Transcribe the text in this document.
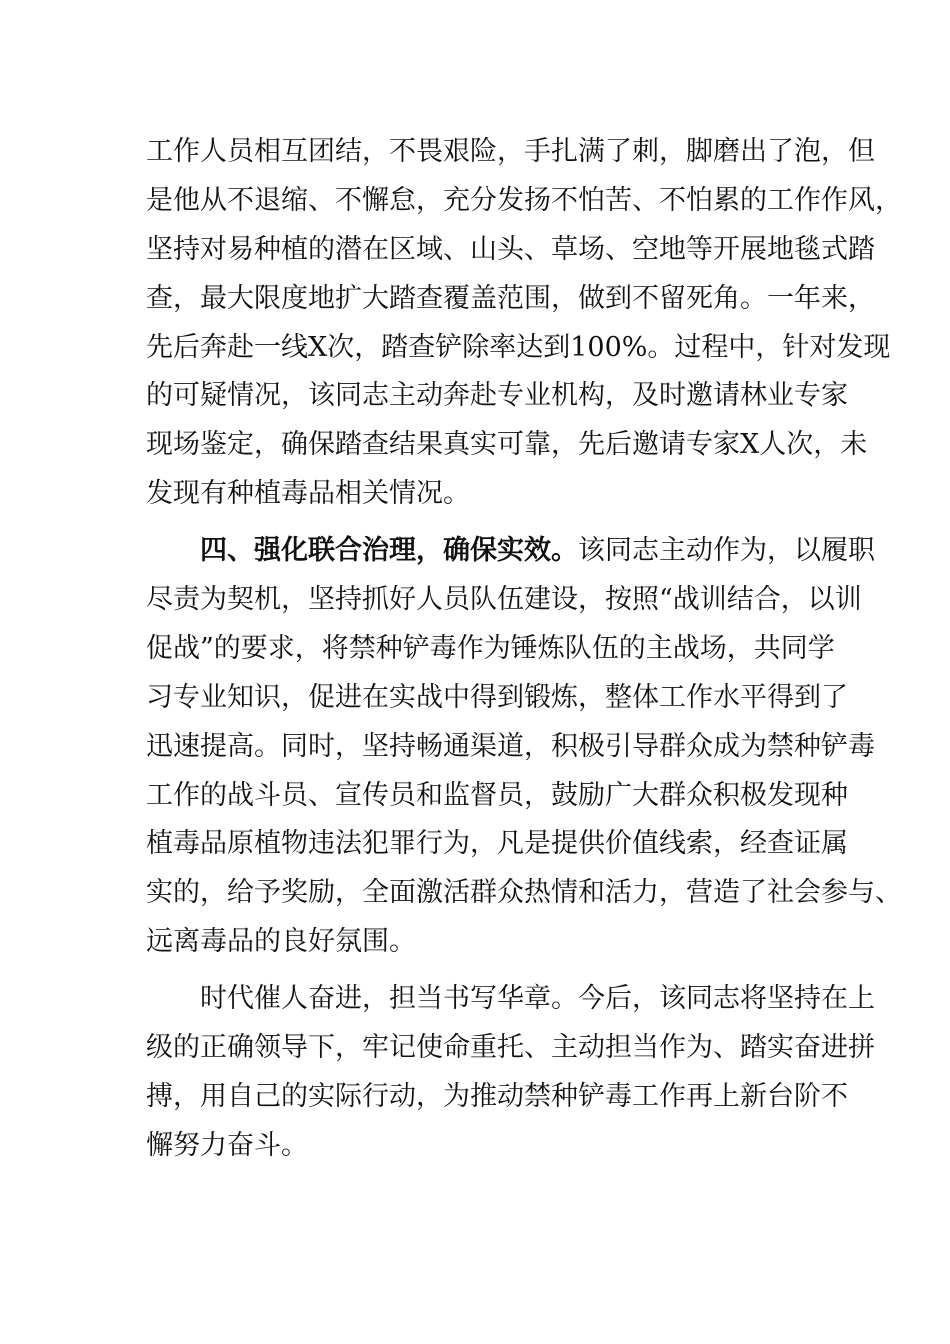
工作人员相互团结，不畏艰险，手扎满了刺，脚磨出了泡，但
是他从不退缩、不懈怠，充分发扬不怕苦、不怕累的工作作风，
坚持对易种植的潜在区域、山头、草场、空地等开展地毯式踏
查，最大限度地扩大踏查覆盖范围，做到不留死角。一年来，
先后奔赴一线X次，踏查铲除率达到100%。过程中，针对发现
的可疑情况，该同志主动奔赴专业机构，及时邀请林业专家
现场鉴定，确保踏查结果真实可靠，先后邀请专家X人次，未
发现有种植毒品相关情况。
四、强化联合治理，确保实效。该同志主动作为，以履职
尽责为契机，坚持抓好人员队伍建设，按照“战训结合，以训
促战”的要求，将禁种铲毒作为锤炼队伍的主战场，共同学
习专业知识，促进在实战中得到锻炼，整体工作水平得到了
迅速提高。同时，坚持畅通渠道，积极引导群众成为禁种铲毒
工作的战斗员、宣传员和监督员，鼓励广大群众积极发现种
植毒品原植物违法犯罪行为，凡是提供价值线索，经查证属
实的，给予奖励，全面激活群众热情和活力，营造了社会参与、
远离毒品的良好氛围。
时代催人奋进，担当书写华章。今后，该同志将坚持在上
级的正确领导下，牢记使命重托、主动担当作为、踏实奋进拼
搏，用自己的实际行动，为推动禁种铲毒工作再上新台阶不
懈努力奋斗。
